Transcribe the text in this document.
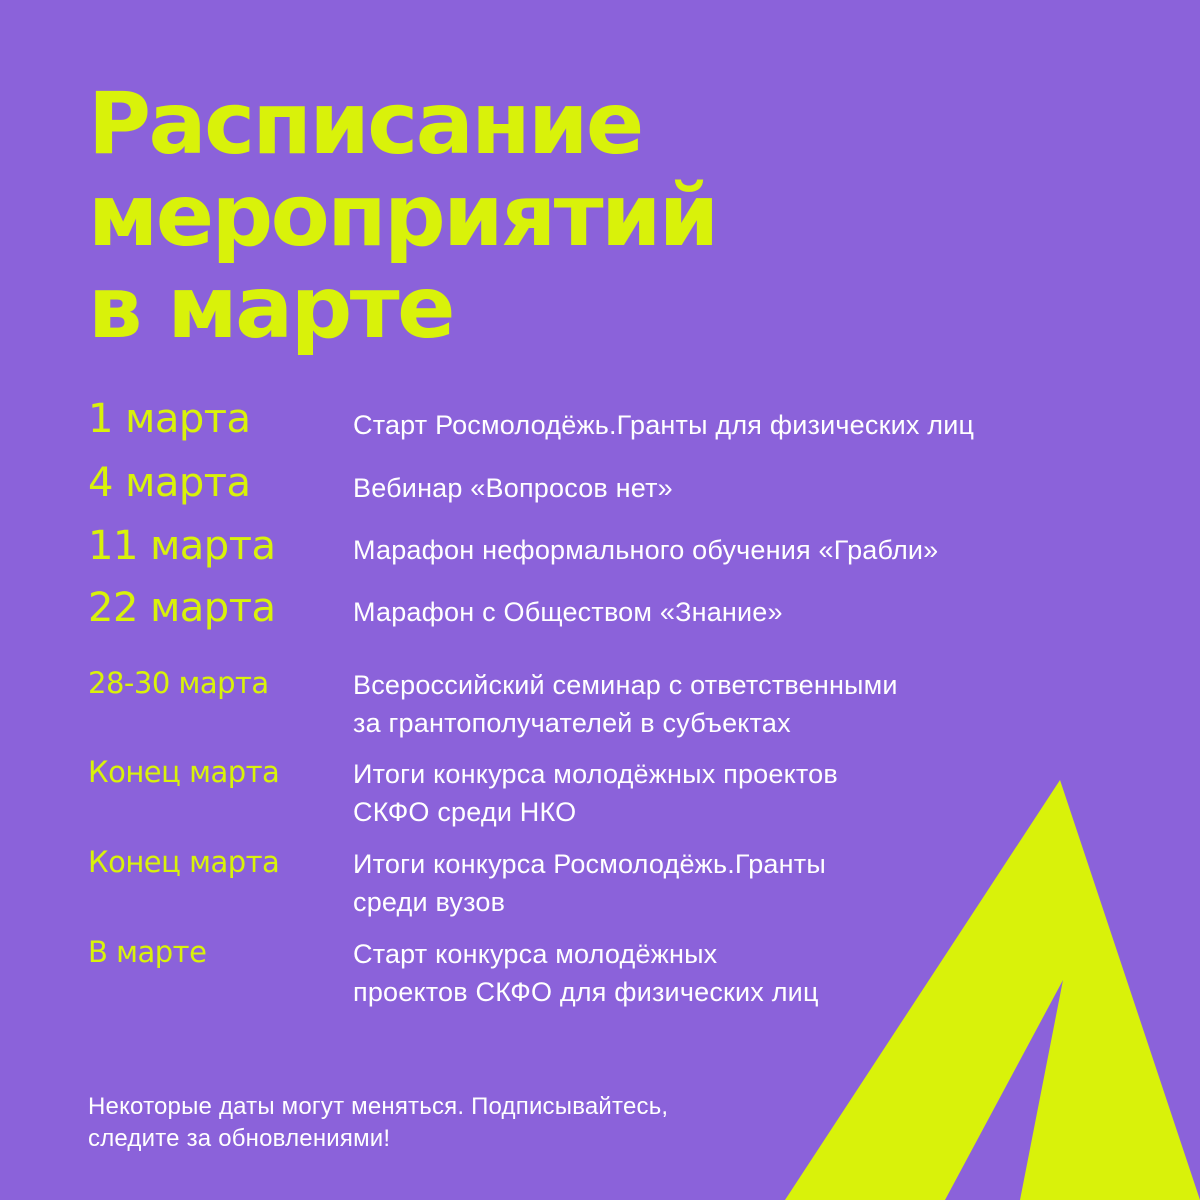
Расписание
мероприятий
в марте

1 марта	Старт Росмолодёжь.Гранты для физических лиц

4 марта	Вебинар «Вопросов нет»

11 марта	Марафон неформального обучения «Грабли»

22 марта	Марафон с Обществом «Знание»

28-30 марта	Всероссийский семинар с ответственными
за грантополучателей в субъектах

Конец марта	Итоги конкурса молодёжных проектов
СКФО среди НКО

Конец марта	Итоги конкурса Росмолодёжь.Гранты
среди вузов

В марте	Старт конкурса молодёжных
проектов СКФО для физических лиц

Некоторые даты могут меняться. Подписывайтесь,
следите за обновлениями!
